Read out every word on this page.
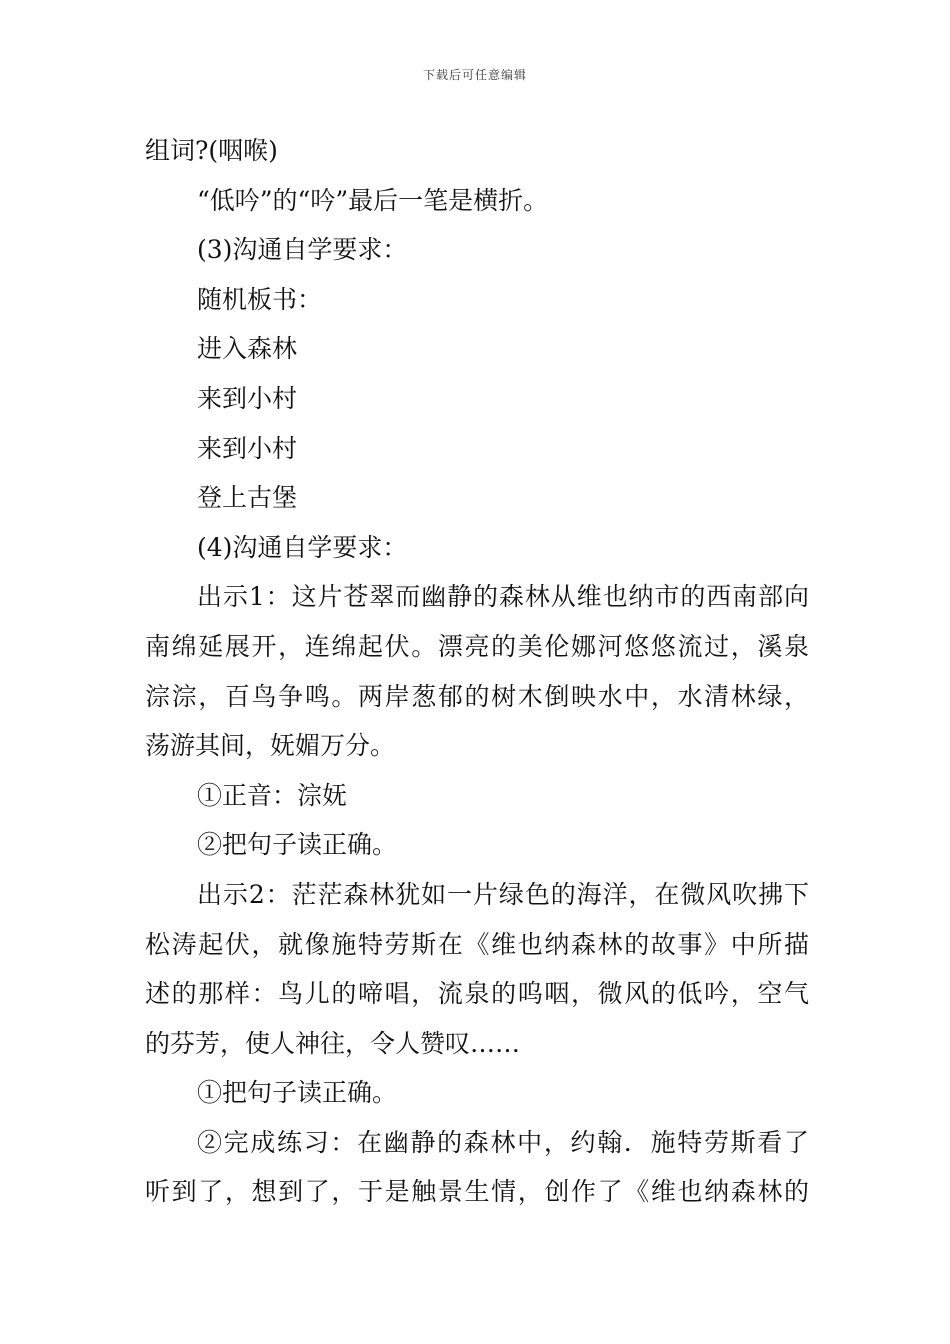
下载后可任意编辑
组词?(咽喉)
“低吟”的“吟”最后一笔是横折。
(3)沟通自学要求：
随机板书：
进入森林
来到小村
来到小村
登上古堡
(4)沟通自学要求：
出示1：这片苍翠而幽静的森林从维也纳市的西南部向
南绵延展开，连绵起伏。漂亮的美伦娜河悠悠流过，溪泉
淙淙，百鸟争鸣。两岸葱郁的树木倒映水中，水清林绿，
荡游其间，妩媚万分。
①正音：淙妩
②把句子读正确。
出示2：茫茫森林犹如一片绿色的海洋，在微风吹拂下
松涛起伏，就像施特劳斯在《维也纳森林的故事》中所描
述的那样：鸟儿的啼唱，流泉的呜咽，微风的低吟，空气
的芬芳，使人神往，令人赞叹……
①把句子读正确。
②完成练习：在幽静的森林中，约翰．施特劳斯看了
听到了，想到了，于是触景生情，创作了《维也纳森林的
